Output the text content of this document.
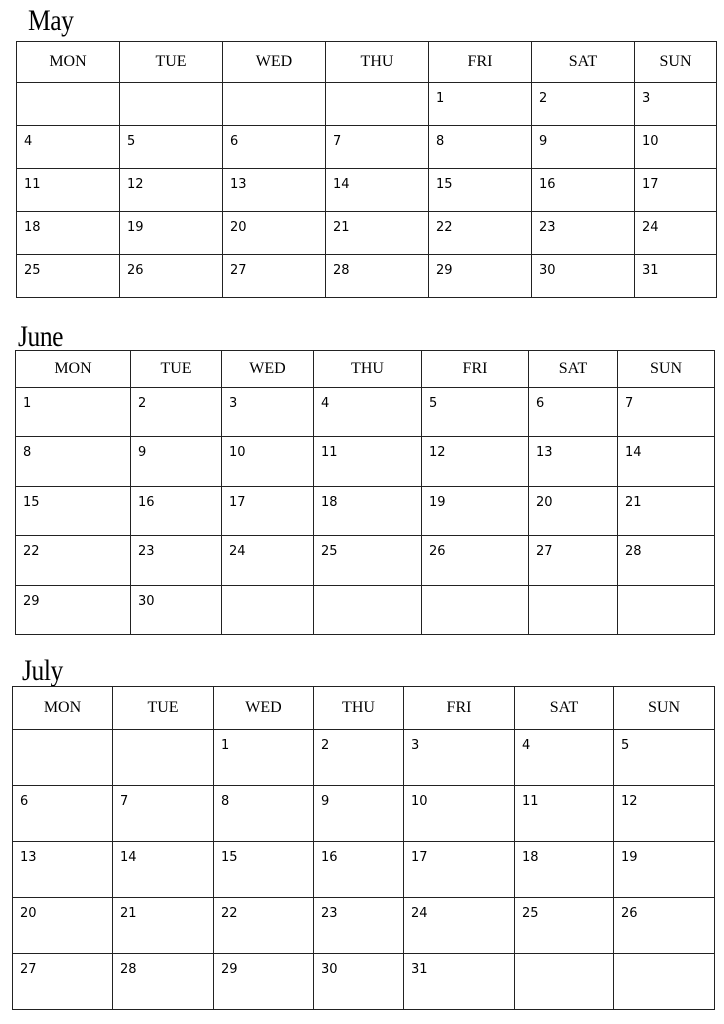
May
MON	TUE	WED	THU	FRI	SAT	SUN

				1	2	3

4	5	6	7	8	9	10

11	12	13	14	15	16	17

18	19	20	21	22	23	24

25	26	27	28	29	30	31
June
MON	TUE	WED	THU	FRI	SAT	SUN

1	2	3	4	5	6	7

8	9	10	11	12	13	14

15	16	17	18	19	20	21

22	23	24	25	26	27	28

29	30					

July
MON	TUE	WED	THU	FRI	SAT	SUN

		1	2	3	4	5

6	7	8	9	10	11	12

13	14	15	16	17	18	19

20	21	22	23	24	25	26

27	28	29	30	31		
